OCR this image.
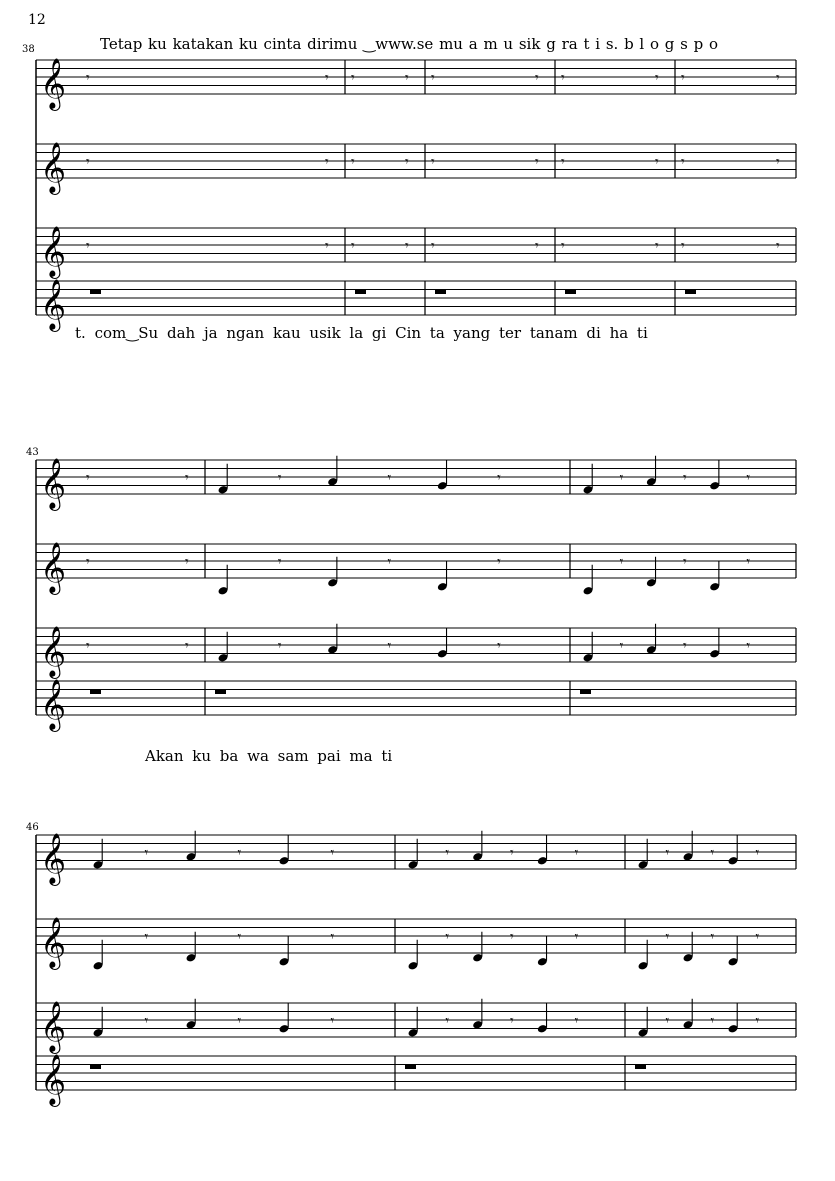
𝄞 𝄾	𝄾 𝄾	𝄾 𝄾	𝄾 𝄾	𝄾 𝄾	𝄾
𝄞 𝄾	𝄾 𝄾	𝄾 𝄾	𝄾 𝄾	𝄾 𝄾	𝄾
𝄞 𝄾	𝄾 𝄾	𝄾 𝄾	𝄾 𝄾	𝄾 𝄾	𝄾
𝄞
𝄞 𝄾	𝄾	𝄾	𝄾	𝄾	𝄾	𝄾	𝄾
𝄞 𝄾	𝄾	𝄾	𝄾	𝄾	𝄾	𝄾	𝄾
𝄞 𝄾	𝄾	𝄾	𝄾	𝄾	𝄾	𝄾	𝄾
𝄞
𝄞	𝄾	𝄾	𝄾	𝄾	𝄾	𝄾	𝄾	𝄾	𝄾
𝄞	𝄾	𝄾	𝄾	𝄾	𝄾	𝄾	𝄾	𝄾	𝄾
𝄞	𝄾	𝄾	𝄾	𝄾	𝄾	𝄾	𝄾	𝄾	𝄾
𝄞
12
38
43
46
Tetap ku katakan ku cinta dirimu ‿www.se mu a m u sik g ra t i s. b l o g s p o
t. com‿Su dah ja ngan kau usik la gi Cin ta yang ter tanam di ha ti
Akan ku ba wa sam pai ma ti
